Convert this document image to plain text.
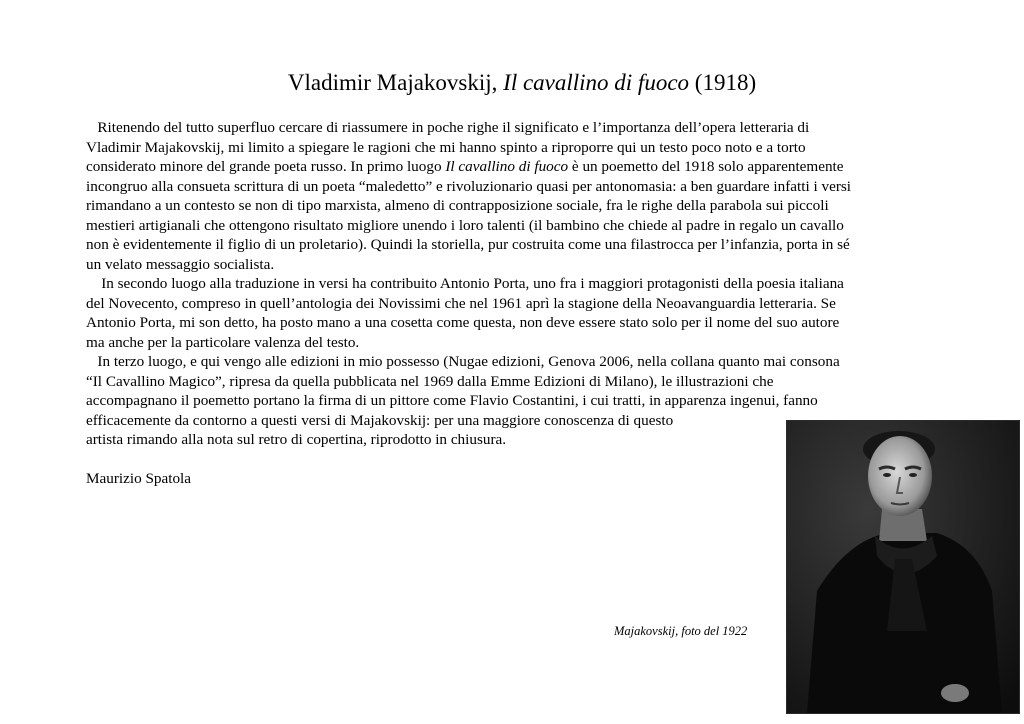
Vladimir Majakovskij, Il cavallino di fuoco (1918)
Ritenendo del tutto superfluo cercare di riassumere in poche righe il significato e l’importanza dell’opera letteraria di
Vladimir Majakovskij, mi limito a spiegare le ragioni che mi hanno spinto a riproporre qui un testo poco noto e a torto
considerato minore del grande poeta russo. In primo luogo Il cavallino di fuoco è un poemetto del 1918 solo apparentemente
incongruo alla consueta scrittura di un poeta “maledetto” e rivoluzionario quasi per antonomasia: a ben guardare infatti i versi
rimandano a un contesto se non di tipo marxista, almeno di contrapposizione sociale, fra le righe della parabola sui piccoli
mestieri artigianali che ottengono risultato migliore unendo i loro talenti (il bambino che chiede al padre in regalo un cavallo
non è evidentemente il figlio di un proletario). Quindi la storiella, pur costruita come una filastrocca per l’infanzia, porta in sé
un velato messaggio socialista.
In secondo luogo alla traduzione in versi ha contribuito Antonio Porta, uno fra i maggiori protagonisti della poesia italiana
del Novecento, compreso in quell’antologia dei Novissimi che nel 1961 aprì la stagione della Neoavanguardia letteraria. Se
Antonio Porta, mi son detto, ha posto mano a una cosetta come questa, non deve essere stato solo per il nome del suo autore
ma anche per la particolare valenza del testo.
In terzo luogo, e qui vengo alle edizioni in mio possesso (Nugae edizioni, Genova 2006, nella collana quanto mai consona
“Il Cavallino Magico”, ripresa da quella pubblicata nel 1969 dalla Emme Edizioni di Milano), le illustrazioni che
accompagnano il poemetto portano la firma di un pittore come Flavio Costantini, i cui tratti, in apparenza ingenui, fanno
efficacemente da contorno a questi versi di Majakovskij: per una maggiore conoscenza di questo
artista rimando alla nota sul retro di copertina, riprodotto in chiusura.
Maurizio Spatola
Majakovskij, foto del 1922
